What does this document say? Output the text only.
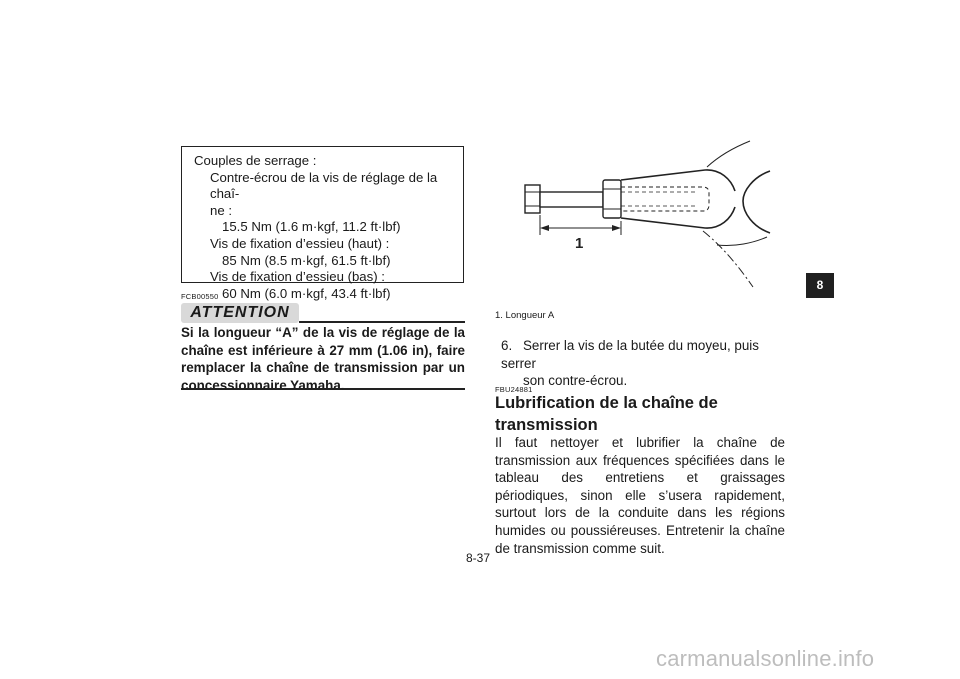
Couples de serrage :
Contre-écrou de la vis de réglage de la chaî-
ne :
15.5 Nm (1.6 m·kgf, 11.2 ft·lbf)
Vis de fixation d’essieu (haut) :
85 Nm (8.5 m·kgf, 61.5 ft·lbf)
Vis de fixation d’essieu (bas) :
60 Nm (6.0 m·kgf, 43.4 ft·lbf)
FCB00550
ATTENTION
Si la longueur “A” de la vis de réglage de la chaîne est inférieure à 27 mm (1.06 in), faire remplacer la chaîne de transmission par un concessionnaire Yamaha.
1
1. Longueur A
6. Serrer la vis de la butée du moyeu, puis serrer
son contre-écrou.
FBU24881
Lubrification de la chaîne de transmission
Il faut nettoyer et lubrifier la chaîne de transmission aux fréquences spécifiées dans le tableau des entretiens et graissages périodiques, sinon elle s’usera rapidement, surtout lors de la conduite dans les régions humides ou poussiéreuses. Entretenir la chaîne de transmission comme suit.
8-37
8
carmanualsonline.info
